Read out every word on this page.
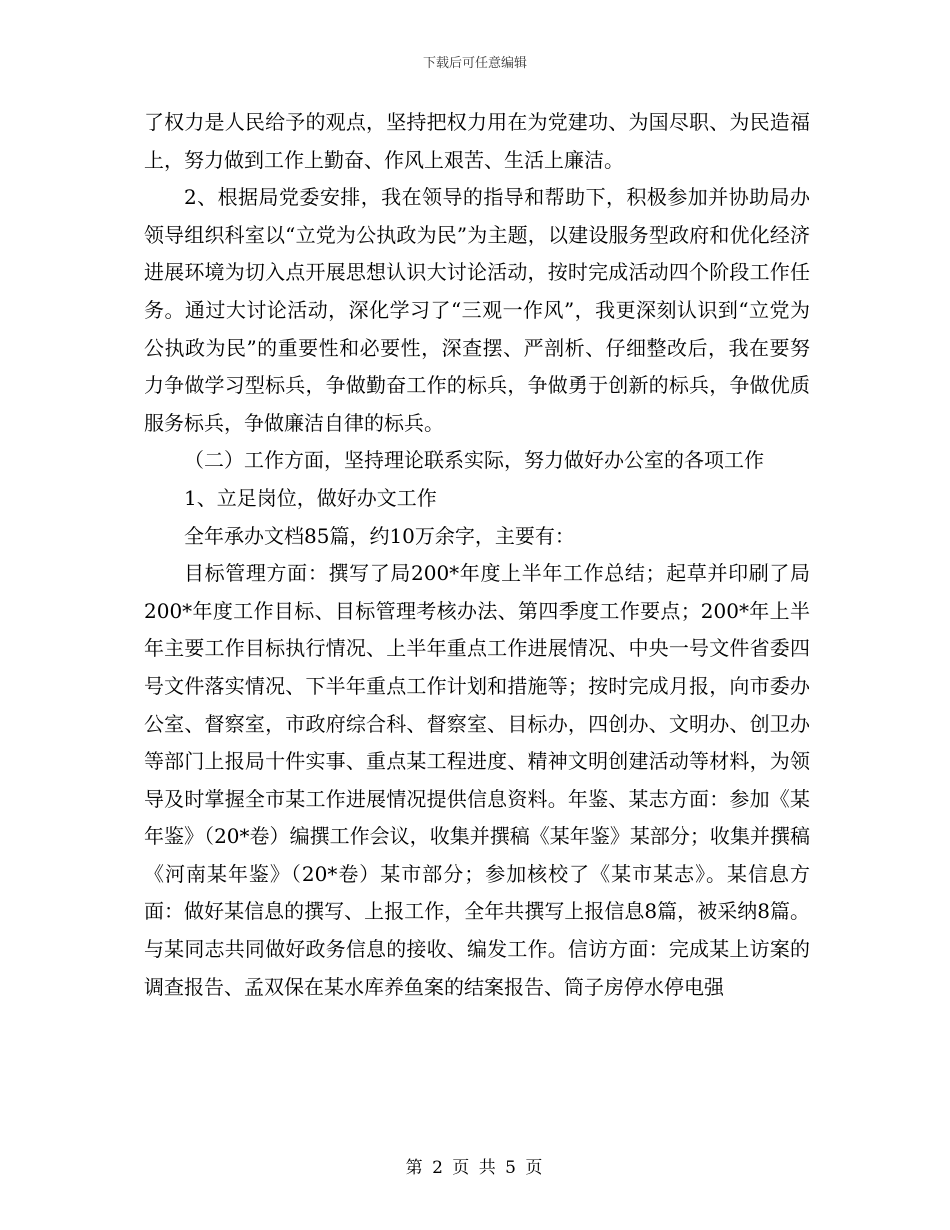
下载后可任意编辑

了权力是人民给予的观点，坚持把权力用在为党建功、为国尽职、为民造福上，努力做到工作上勤奋、作风上艰苦、生活上廉洁。

2、根据局党委安排，我在领导的指导和帮助下，积极参加并协助局办领导组织科室以“立党为公执政为民”为主题，以建设服务型政府和优化经济进展环境为切入点开展思想认识大讨论活动，按时完成活动四个阶段工作任务。通过大讨论活动，深化学习了“三观一作风”，我更深刻认识到“立党为公执政为民”的重要性和必要性，深查摆、严剖析、仔细整改后，我在要努力争做学习型标兵，争做勤奋工作的标兵，争做勇于创新的标兵，争做优质服务标兵，争做廉洁自律的标兵。

（二）工作方面，坚持理论联系实际，努力做好办公室的各项工作

1、立足岗位，做好办文工作

全年承办文档85篇，约10万余字，主要有：

目标管理方面：撰写了局200*年度上半年工作总结；起草并印刷了局200*年度工作目标、目标管理考核办法、第四季度工作要点；200*年上半年主要工作目标执行情况、上半年重点工作进展情况、中央一号文件省委四号文件落实情况、下半年重点工作计划和措施等；按时完成月报，向市委办公室、督察室，市政府综合科、督察室、目标办，四创办、文明办、创卫办等部门上报局十件实事、重点某工程进度、精神文明创建活动等材料，为领导及时掌握全市某工作进展情况提供信息资料。年鉴、某志方面：参加《某年鉴》（20*卷）编撰工作会议，收集并撰稿《某年鉴》某部分；收集并撰稿《河南某年鉴》（20*卷）某市部分；参加核校了《某市某志》。某信息方面：做好某信息的撰写、上报工作，全年共撰写上报信息8篇，被采纳8篇。与某同志共同做好政务信息的接收、编发工作。信访方面：完成某上访案的调查报告、孟双保在某水库养鱼案的结案报告、筒子房停水停电强

第 2 页 共 5 页
